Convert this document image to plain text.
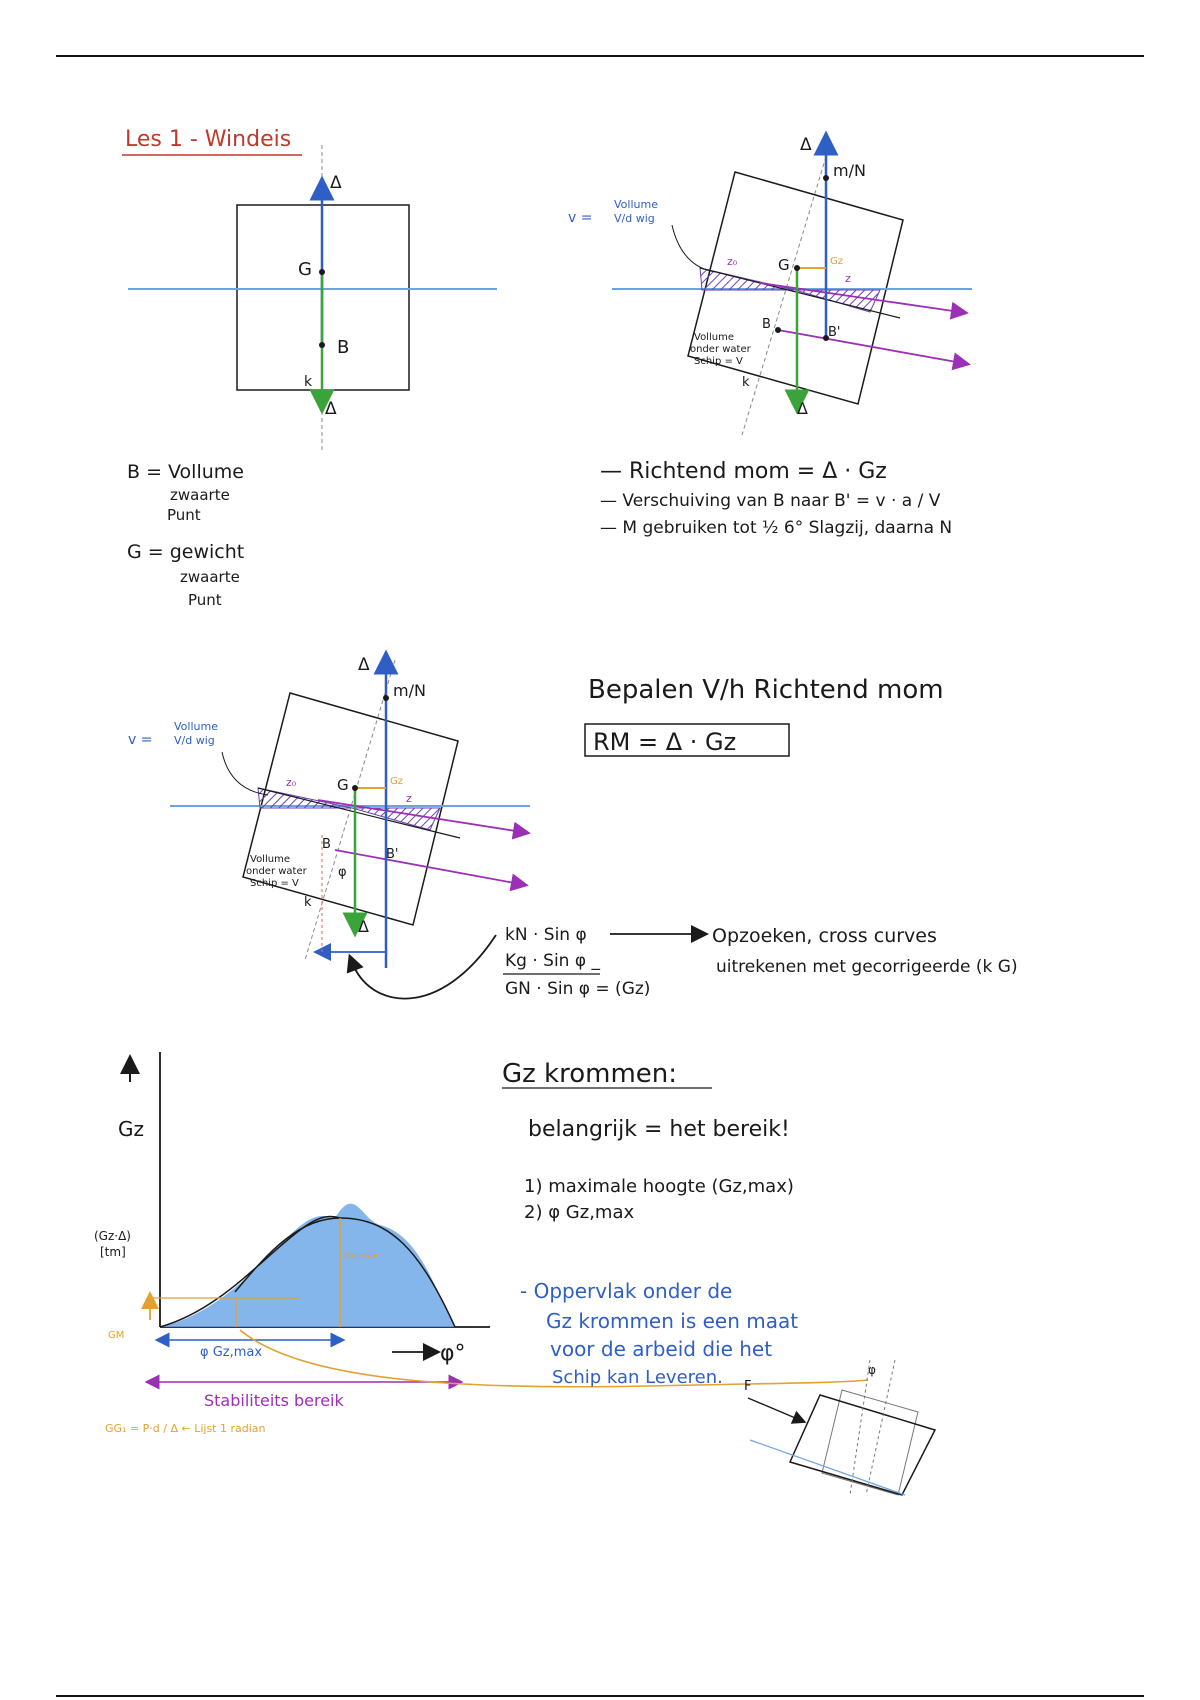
Les 1 - Windeis
Δ
G
B
k
Δ
B = Vollume
zwaarte
Punt
G = gewicht
zwaarte
Punt
Δ
m/N
v =
Vollume
V/d wig
G	Gz
z₀
z
B
B'
Vollume
onder water
Schip = V
k
Δ
— Richtend mom = Δ · Gz
— Verschuiving van B naar B' = v · a / V
— M gebruiken tot ½ 6° Slagzij, daarna N
Δ
m/N
v =
Vollume
V/d wig
G	Gz
z₀
z
B
B'
φ
Vollume
onder water
Schip = V
k
Δ
Bepalen V/h Richtend mom
RM = Δ · Gz
kN · Sin φ
Kg · Sin φ _
GN · Sin φ = (Gz)
Opzoeken, cross curves
uitrekenen met gecorrigeerde (k G)
Gz
(Gz·Δ)
[tm]	Gz,max
GM
φ Gz,max	φ°
Stabiliteits bereik
GG₁ = P·d / Δ ← Lijst 1 radian
Gz krommen:
belangrijk = het bereik!
1) maximale hoogte (Gz,max)
2) φ Gz,max
- Oppervlak onder de
Gz krommen is een maat
voor de arbeid die het
Schip kan Leveren.	φ
F
